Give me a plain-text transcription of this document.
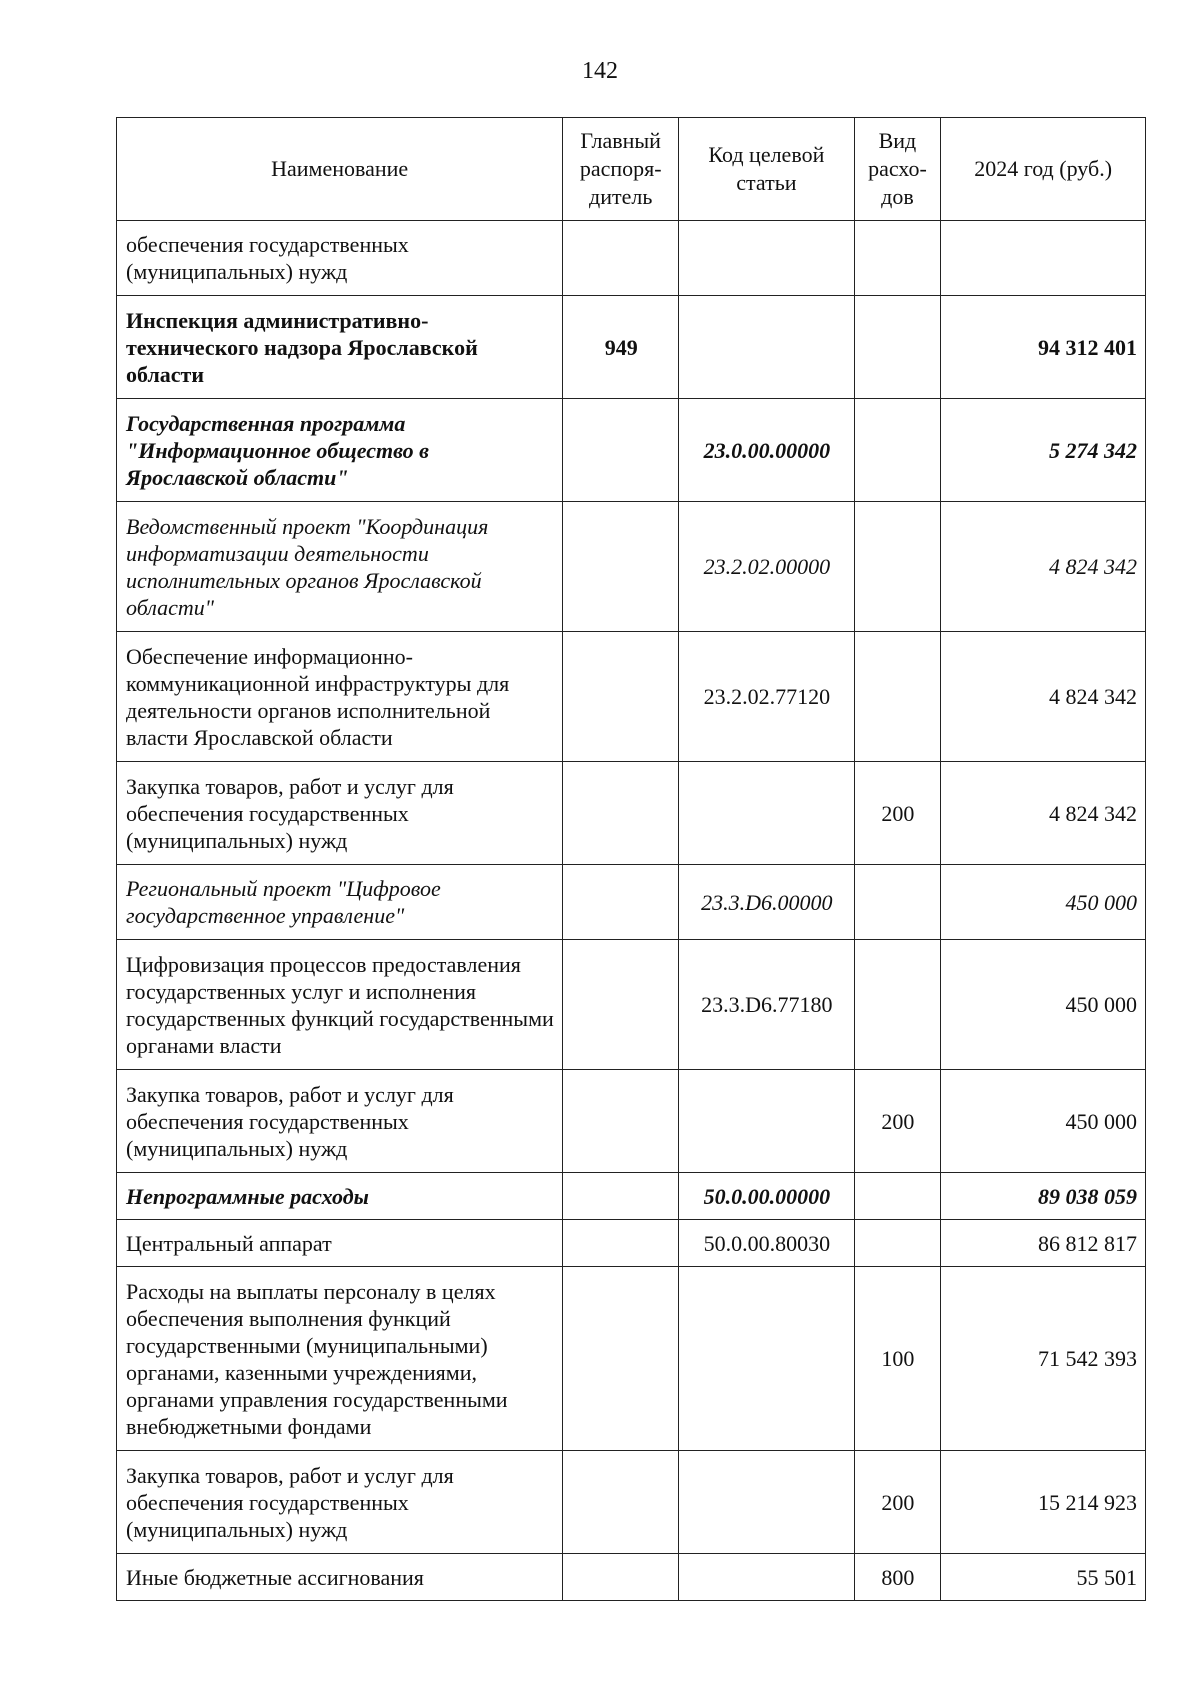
142
Наименование	Главный распоря-дитель	Код целевой статьи	Вид расхо-дов	2024 год (руб.)
обеспечения государственных (муниципальных) нужд				
Инспекция административно-технического надзора Ярославской области	949			94 312 401
Государственная программа "Информационное общество в Ярославской области"		23.0.00.00000		5 274 342
Ведомственный проект "Координация информатизации деятельности исполнительных органов Ярославской области"		23.2.02.00000		4 824 342
Обеспечение информационно-коммуникационной инфраструктуры для деятельности органов исполнительной власти Ярославской области		23.2.02.77120		4 824 342
Закупка товаров, работ и услуг для обеспечения государственных (муниципальных) нужд			200	4 824 342
Региональный проект "Цифровое государственное управление"		23.3.D6.00000		450 000
Цифровизация процессов предоставления государственных услуг и исполнения государственных функций государственными органами власти		23.3.D6.77180		450 000
Закупка товаров, работ и услуг для обеспечения государственных (муниципальных) нужд			200	450 000
Непрограммные расходы		50.0.00.00000		89 038 059
Центральный аппарат		50.0.00.80030		86 812 817
Расходы на выплаты персоналу в целях обеспечения выполнения функций государственными (муниципальными) органами, казенными учреждениями, органами управления государственными внебюджетными фондами			100	71 542 393
Закупка товаров, работ и услуг для обеспечения государственных (муниципальных) нужд			200	15 214 923
Иные бюджетные ассигнования			800	55 501
